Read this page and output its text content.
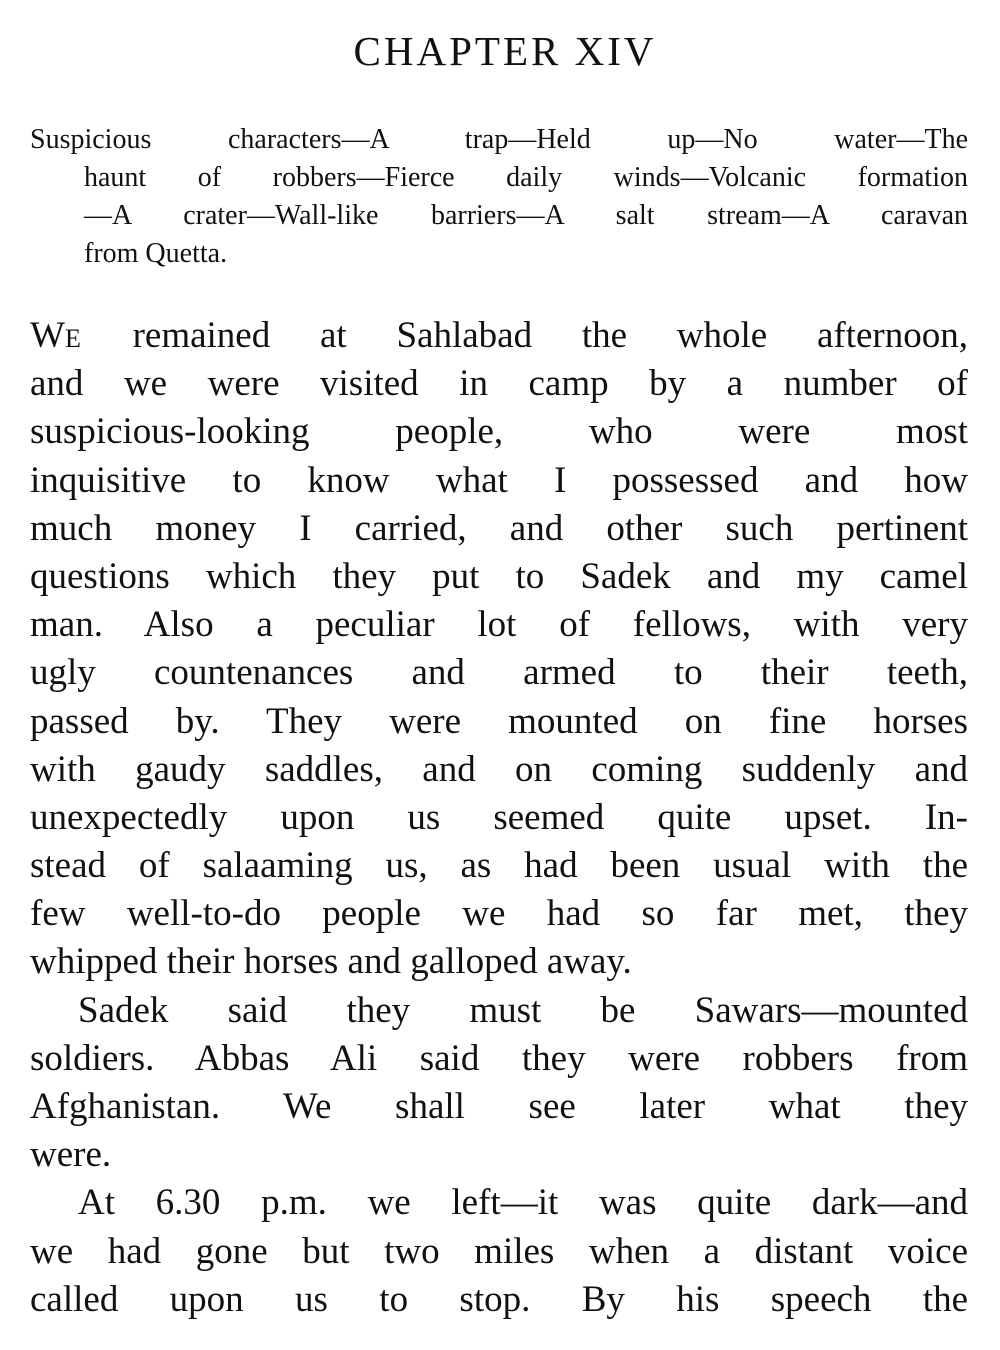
CHAPTER XIV
Suspicious characters—A trap—Held up—No water—The
haunt of robbers—Fierce daily winds—Volcanic formation
—A crater—Wall-like barriers—A salt stream—A caravan
from Quetta.
WE remained at Sahlabad the whole afternoon,
and we were visited in camp by a number of
suspicious-looking people, who were most
inquisitive to know what I possessed and how
much money I carried, and other such pertinent
questions which they put to Sadek and my camel
man. Also a peculiar lot of fellows, with very
ugly countenances and armed to their teeth,
passed by. They were mounted on fine horses
with gaudy saddles, and on coming suddenly and
unexpectedly upon us seemed quite upset. In-
stead of salaaming us, as had been usual with the
few well-to-do people we had so far met, they
whipped their horses and galloped away.
Sadek said they must be Sawars—mounted
soldiers. Abbas Ali said they were robbers from
Afghanistan. We shall see later what they
were.
At 6.30 p.m. we left—it was quite dark—and
we had gone but two miles when a distant voice
called upon us to stop. By his speech the
